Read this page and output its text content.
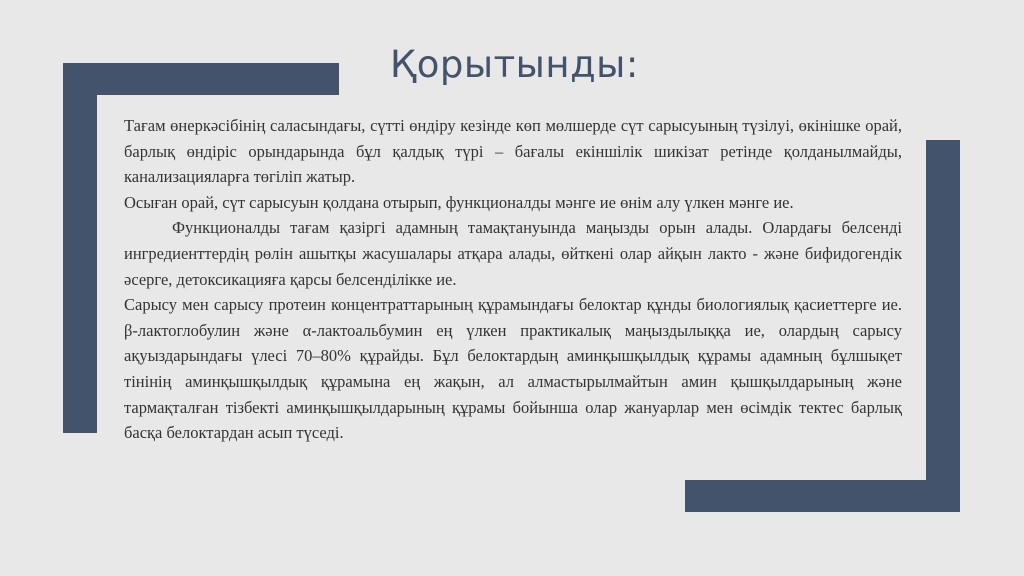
Қорытынды:

Тағам өнеркәсібінің саласындағы, сүтті өндіру кезінде көп мөлшерде сүт сарысуының түзілуі, өкінішке орай, барлық өндіріс орындарында бұл қалдық түрі – бағалы екіншілік шикізат ретінде қолданылмайды, канализацияларға төгіліп жатыр.

Осыған орай, сүт сарысуын қолдана отырып, функционалды мәнге ие өнім алу үлкен мәнге ие.

Функционалды тағам қазіргі адамның тамақтануында маңызды орын алады. Олардағы белсенді ингредиенттердің рөлін ашытқы жасушалары атқара алады, өйткені олар айқын лакто - және бифидогендік әсерге, детоксикацияға қарсы белсенділікке ие.

Сарысу мен сарысу протеин концентраттарының құрамындағы белоктар құнды биологиялық қасиеттерге ие. β-лактоглобулин және α-лактоальбумин ең үлкен практикалық маңыздылыққа ие, олардың сарысу ақуыздарындағы үлесі 70–80% құрайды. Бұл белоктардың аминқышқылдық құрамы адамның бұлшықет тінінің аминқышқылдық құрамына ең жақын, ал алмастырылмайтын амин қышқылдарының және тармақталған тізбекті аминқышқылдарының құрамы бойынша олар жануарлар мен өсімдік тектес барлық басқа белоктардан асып түседі.
